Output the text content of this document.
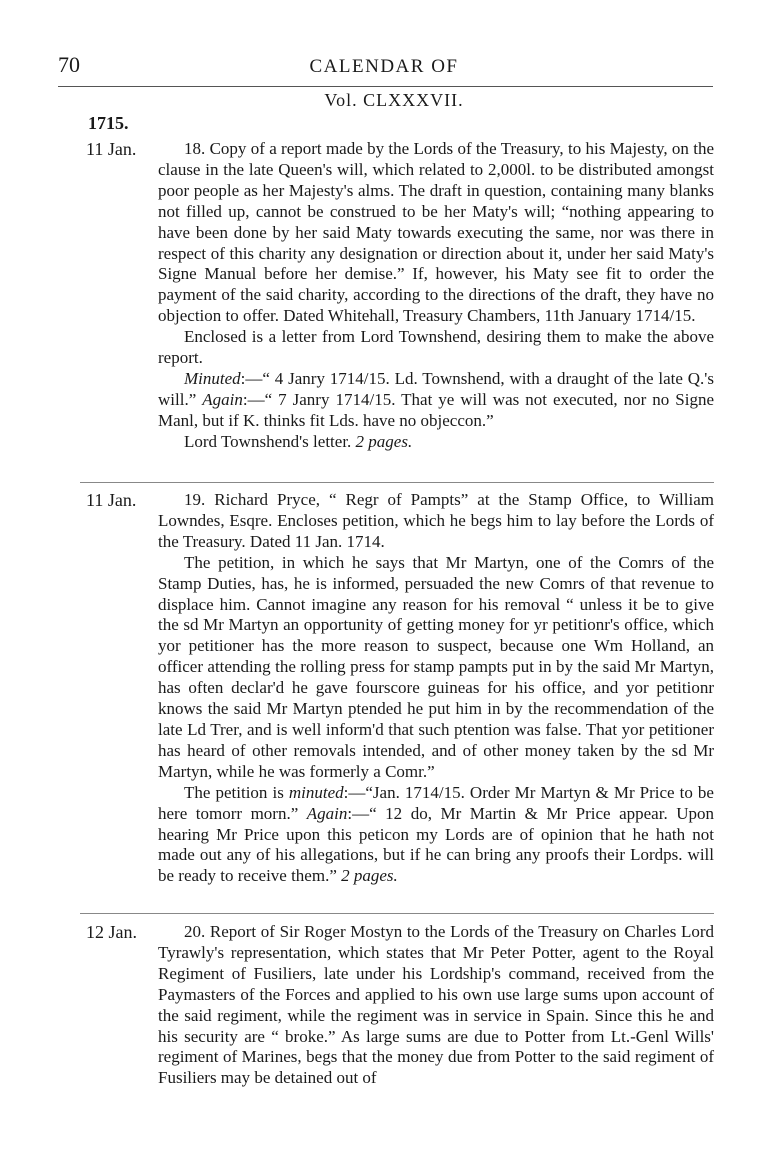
70	CALENDAR OF
Vol. CLXXXVII.
1715.
11 Jan.	18. Copy of a report made by the Lords of the Treasury, to his Majesty, on the clause in the late Queen's will, which related to 2,000l. to be distributed amongst poor people as her Majesty's alms. The draft in question, containing many blanks not filled up, cannot be construed to be her Maty's will; “nothing appearing to have been done by her said Maty towards executing the same, nor was there in respect of this charity any designation or direction about it, under her said Maty's Signe Manual before her demise.” If, however, his Maty see fit to order the payment of the said charity, according to the directions of the draft, they have no objection to offer. Dated Whitehall, Treasury Chambers, 11th January 1714/15.

Enclosed is a letter from Lord Townshend, desiring them to make the above report.

Minuted:—“ 4 Janry 1714/15. Ld. Townshend, with a draught of the late Q.'s will.” Again:—“ 7 Janry 1714/15. That ye will was not executed, nor no Signe Manl, but if K. thinks fit Lds. have no objeccon.”

Lord Townshend's letter. 2 pages.

11 Jan.	19. Richard Pryce, “ Regr of Pampts” at the Stamp Office, to William Lowndes, Esqre. Encloses petition, which he begs him to lay before the Lords of the Treasury. Dated 11 Jan. 1714.

The petition, in which he says that Mr Martyn, one of the Comrs of the Stamp Duties, has, he is informed, persuaded the new Comrs of that revenue to displace him. Cannot imagine any reason for his removal “ unless it be to give the sd Mr Martyn an opportunity of getting money for yr petitionr's office, which yor petitioner has the more reason to suspect, because one Wm Holland, an officer attending the rolling press for stamp pampts put in by the said Mr Martyn, has often declar'd he gave fourscore guineas for his office, and yor petitionr knows the said Mr Martyn ptended he put him in by the recommendation of the late Ld Trer, and is well inform'd that such ptention was false. That yor petitioner has heard of other removals intended, and of other money taken by the sd Mr Martyn, while he was formerly a Comr.”

The petition is minuted:—“Jan. 1714/15. Order Mr Martyn & Mr Price to be here tomorr morn.” Again:—“ 12 do, Mr Martin & Mr Price appear. Upon hearing Mr Price upon this peticon my Lords are of opinion that he hath not made out any of his allegations, but if he can bring any proofs their Lordps. will be ready to receive them.” 2 pages.

12 Jan.	20. Report of Sir Roger Mostyn to the Lords of the Treasury on Charles Lord Tyrawly's representation, which states that Mr Peter Potter, agent to the Royal Regiment of Fusiliers, late under his Lordship's command, received from the Paymasters of the Forces and applied to his own use large sums upon account of the said regiment, while the regiment was in service in Spain. Since this he and his security are “ broke.” As large sums are due to Potter from Lt.-Genl Wills' regiment of Marines, begs that the money due from Potter to the said regiment of Fusiliers may be detained out of
